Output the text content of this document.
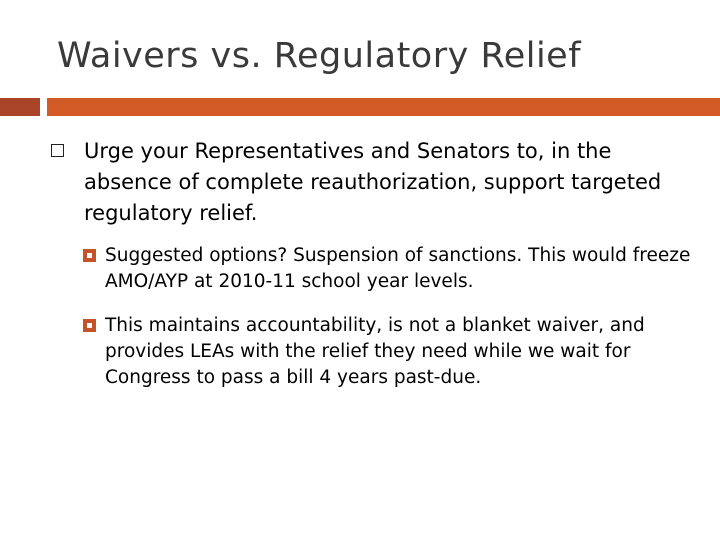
Waivers vs. Regulatory Relief
Urge your Representatives and Senators to, in the absence of complete reauthorization, support targeted regulatory relief.
Suggested options? Suspension of sanctions. This would freeze AMO/AYP at 2010-11 school year levels.
This maintains accountability, is not a blanket waiver, and provides LEAs with the relief they need while we wait for Congress to pass a bill 4 years past-due.
